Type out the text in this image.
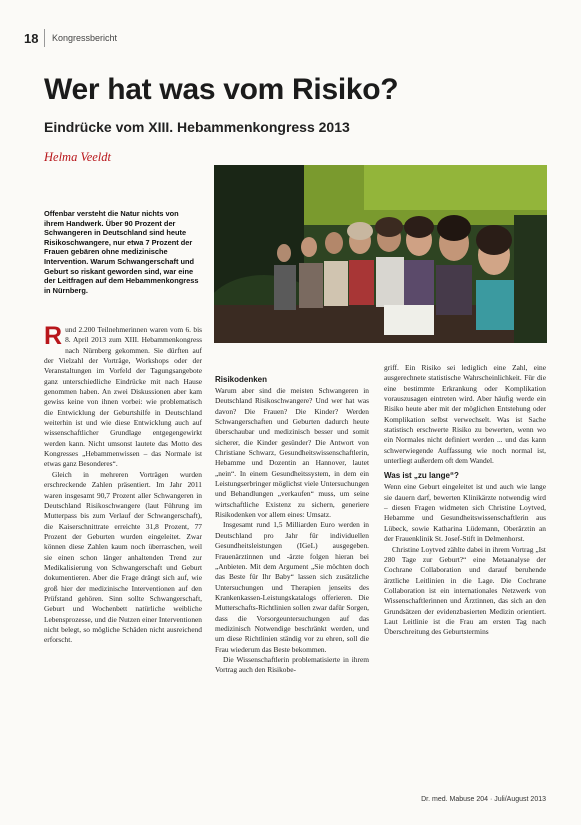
18 Kongressbericht
Wer hat was vom Risiko?
Eindrücke vom XIII. Hebammenkongress 2013
Helma Veeldt

Offenbar versteht die Natur nichts von ihrem Handwerk. Über 90 Prozent der Schwangeren in Deutschland sind heute Risikoschwangere, nur etwa 7 Prozent der Frauen gebären ohne medizinische Intervention. Warum Schwangerschaft und Geburt so riskant geworden sind, war eine der Leitfragen auf dem Hebammenkongress in Nürnberg.

Rund 2.200 Teilnehmerinnen waren vom 6. bis 8. April 2013 zum XIII. Hebammenkongress nach Nürnberg gekommen. Sie dürften auf der Vielzahl der Vorträge, Workshops oder der Veranstaltungen im Vorfeld der Tagungsangebote ganz unterschiedliche Eindrücke mit nach Hause genommen haben. An zwei Diskussionen aber kam gewiss keine von ihnen vorbei: wie problematisch die Entwicklung der Geburtshilfe in Deutschland weiterhin ist und wie diese Entwicklung auch auf wissenschaftlicher Grundlage entgegengewirkt werden kann. Nicht umsonst lautete das Motto des Kongresses „Hebammenwissen – das Normale ist etwas ganz Besonderes“.

Gleich in mehreren Vorträgen wurden erschreckende Zahlen präsentiert. Im Jahr 2011 waren insgesamt 90,7 Prozent aller Schwangeren in Deutschland Risikoschwangere (laut Führung im Mutterpass bis zum Verlauf der Schwangerschaft), die Kaiserschnittrate erreichte 31,8 Prozent, 77 Prozent der Geburten wurden eingeleitet. Zwar können diese Zahlen kaum noch überraschen, weil sie einen schon länger anhaltenden Trend zur Medikalisierung von Schwangerschaft und Geburt dokumentieren. Aber die Frage drängt sich auf, wie groß hier der medizinische Interventionen auf den Prüfstand gehören. Sinn sollte Schwangerschaft, Geburt und Wochenbett natürliche weibliche Lebensprozesse, und die Nutzen einer Interventionen nicht belegt, so mögliche Schäden nicht ausreichend erforscht.

Risikodenken

Warum aber sind die meisten Schwangeren in Deutschland Risikoschwangere? Und wer hat was davon? Die Frauen? Die Kinder? Werden Schwangerschaften und Geburten dadurch heute überschaubar und medizinisch besser und somit sicherer, die Kinder gesünder? Die Antwort von Christiane Schwarz, Gesundheitswissenschaftlerin, Hebamme und Dozentin an Hannover, lautet „nein“. In einem Gesundheitssystem, in dem ein Leistungserbringer möglichst viele Untersuchungen und Behandlungen „verkaufen“ muss, um seine wirtschaftliche Existenz zu sichern, generiere Risikodenken vor allem eines: Umsatz.

Insgesamt rund 1,5 Milliarden Euro werden in Deutschland pro Jahr für individuellen Gesundheitsleistungen (IGeL) ausgegeben. Frauenärztinnen und -ärzte folgen hieran bei „Anbieten. Mit dem Argument „Sie möchten doch das Beste für Ihr Baby“ lassen sich zusätzliche Untersuchungen und Therapien jenseits des Krankenkassen-Leistungskatalogs offerieren. Die Mutterschafts-Richtlinien sollen zwar dafür Sorgen, dass die Vorsorgeuntersuchungen auf das medizinisch Notwendige beschränkt werden, und um diese Richtlinien ständig vor zu ehren, soll die Frau wiederum das Beste bekommen.

Die Wissenschaftlerin problematisierte in ihrem Vortrag auch den Risikobe-

griff. Ein Risiko sei lediglich eine Zahl, eine ausgerechnete statistische Wahrscheinlichkeit. Für die eine bestimmte Erkrankung oder Komplikation vorauszusagen eintreten wird. Aber häufig werde ein Risiko heute aber mit der möglichen Entstehung oder Komplikation selbst verwechselt. Was ist Sache statistisch erschwerte Risiko zu bewerten, wenn wo ein Normales nicht definiert werden ... und das kann schwerwiegende Auffassung wie noch normal ist, unterliegt außerdem oft dem Wandel.

Was ist „zu lange“?

Wenn eine Geburt eingeleitet ist und auch wie lange sie dauern darf, bewerten Klinikärzte notwendig wird – diesen Fragen widmeten sich Christine Loytved, Hebamme und Gesundheitswissenschaftlerin aus Lübeck, sowie Katharina Lüdemann, Oberärztin an der Frauenklinik St. Josef-Stift in Delmenhorst.

Christine Loytved zählte dabei in ihrem Vortrag „Ist 280 Tage zur Geburt?“ eine Metaanalyse der Cochrane Collaboration und darauf beruhende ärztliche Leitlinien in die Lage. Die Cochrane Collaboration ist ein internationales Netzwerk von Wissenschaftlerinnen und Ärztinnen, das sich an den Grundsätzen der evidenzbasierten Medizin orientiert. Laut Leitlinie ist die Frau am ersten Tag nach Überschreitung des Geburtstermins

Dr. med. Mabuse 204 · Juli/August 2013
